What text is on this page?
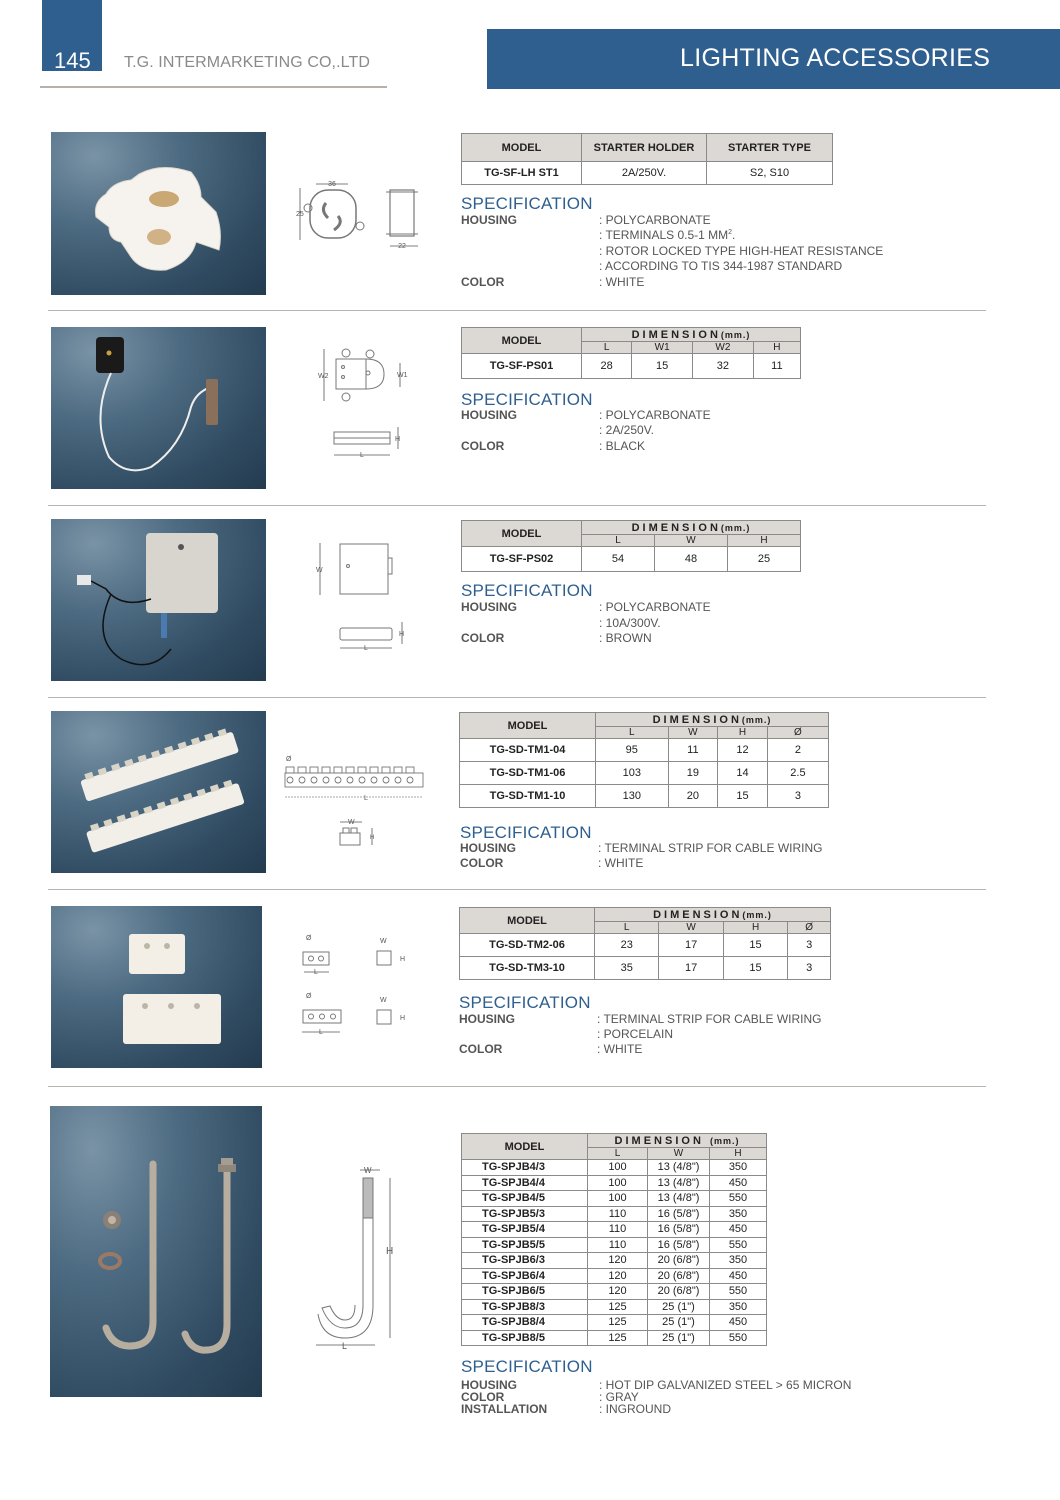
145 T.G. INTERMARKETING CO,.LTD	LIGHTING ACCESSORIES
36
25
22
MODEL	STARTER HOLDER	STARTER TYPE
TG-SF-LH ST1	2A/250V.	S2, S10
SPECIFICATION
HOUSING	: POLYCARBONATE
: TERMINALS 0.5-1 $MM^2$.
: ROTOR LOCKED TYPE HIGH-HEAT RESISTANCE
: ACCORDING TO TIS 344-1987 STANDARD
COLOR	: WHITE
W2	W1
H
L
MODEL	DIMENSION(mm.)			
	L	W1	W2	H
TG-SF-PS01	28	15	32	11
SPECIFICATION
HOUSING	: POLYCARBONATE
: 2A/250V.
COLOR	: BLACK
W
H
L
MODEL	DIMENSION(mm.)		
	L	W	H
TG-SF-PS02	54	48	25
SPECIFICATION
HOUSING	: POLYCARBONATE
: 10A/300V.
COLOR	: BROWN
Ø
L
W
H
MODEL	DIMENSION(mm.)			
	L	W	H	Ø
TG-SD-TM1-04	95	11	12	2
TG-SD-TM1-06	103	19	14	2.5
TG-SD-TM1-10	130	20	15	3
SPECIFICATION
HOUSING	: TERMINAL STRIP FOR CABLE WIRING
COLOR	: WHITE
Ø
L
W
H
Ø
L
W
H
MODEL	DIMENSION(mm.)			
	L	W	H	Ø
TG-SD-TM2-06	23	17	15	3
TG-SD-TM3-10	35	17	15	3
SPECIFICATION
HOUSING	: TERMINAL STRIP FOR CABLE WIRING
: PORCELAIN
COLOR	: WHITE
W
H
L
MODEL	DIMENSION (mm.)		
	L	W	H
TG-SPJB4/3	100	13 (4/8")	350
TG-SPJB4/4	100	13 (4/8")	450
TG-SPJB4/5	100	13 (4/8")	550
TG-SPJB5/3	110	16 (5/8")	350
TG-SPJB5/4	110	16 (5/8")	450
TG-SPJB5/5	110	16 (5/8")	550
TG-SPJB6/3	120	20 (6/8")	350
TG-SPJB6/4	120	20 (6/8")	450
TG-SPJB6/5	120	20 (6/8")	550
TG-SPJB8/3	125	25 (1")	350
TG-SPJB8/4	125	25 (1")	450
TG-SPJB8/5	125	25 (1")	550
SPECIFICATION
HOUSING	: HOT DIP GALVANIZED STEEL > 65 MICRON
COLOR	: GRAY
INSTALLATION	: INGROUND
